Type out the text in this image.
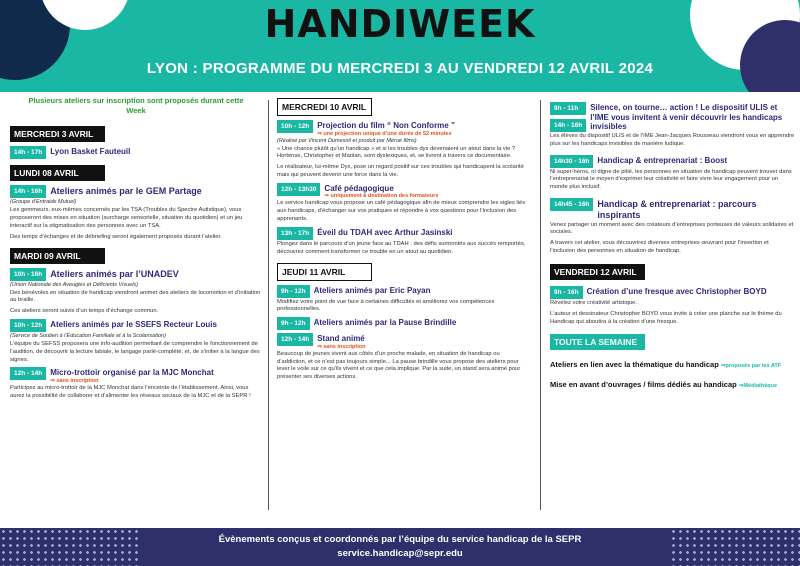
HANDIWEEK
LYON : PROGRAMME DU MERCREDI 3 AU VENDREDI 12 AVRIL 2024
Plusieurs ateliers sur inscription sont proposés durant cette Week
MERCREDI 3 AVRIL
14h - 17h	Lyon Basket Fauteuil
LUNDI 08 AVRIL
14h - 16h Ateliers animés par le GEM Partage
(Groupe d’Entraide Mutuel)
Les gemmeurs, eux-mêmes concernés par les TSA (Troubles du Spectre Autistique), vous proposeront des mises en situation (surcharge sensorielle, situation du quotidien) et un jeu interactif sur la stigmatisation des personnes avec un TSA.
Des temps d’échanges et de débriefing seront également proposés durant l’atelier.
MARDI 09 AVRIL
10h - 16h Ateliers animés par l’UNADEV
(Union Nationale des Aveugles et Déficients Visuels)
Des bénévoles en situation de handicap viendront animer des ateliers de locomotion et d’initiation au braille.
Ces ateliers seront suivis d’un temps d’échange commun.
10h - 12h	Ateliers animés par le SSEFS Recteur Louis
(Service de Soutien à l’Éducation Familiale et à la Scolarisation)
L’équipe du SEFSS proposera une info-audition permettant de comprendre le fonctionnement de l’audition, de découvrir la lecture labiale, le langage parlé-complété, et, de s’initier à la langue des signes.
12h - 14h	Micro-trottoir organisé par la MJC Monchat
⇒ sans inscription
Participez au micro-trottoir de la MJC Monchat dans l’enceinte de l’établissement. Ainsi, vous aurez la possibilité de collaborer et d’alimenter les réseaux sociaux de la MJC et de la SEPR !
MERCREDI 10 AVRIL
10h - 12h	Projection du film “ Non Conforme ”
⇒ une projection unique d’une durée de 52 minutes
(Réalisé par Vincent Dumesnil et produit par Méroé films)
« Une chance plutôt qu’un handicap » et si les troubles dys devenaient un atout dans la vie ? Hortense, Christopher et Maolan, sont dyslexiques, et, se livrent à travers ce documentaire.
Le réalisateur, lui-même Dys, pose un regard positif sur ces troubles qui handicapent la scolarité mais qui peuvent devenir une force dans la vie.
12h - 13h30	Café pédagogique
⇒ uniquement à destination des formateurs
Le service handicap vous propose un café pédagogique afin de mieux comprendre les sigles liés aux handicaps, d’échanger sur vos pratiques et répondre à vos questions pour l’inclusion des apprenants.
13h - 17h	Éveil du TDAH avec Arthur Jasinski
Plongez dans le parcours d’un jeune face au TDAH : des défis surmontés aux succès remportés, découvrez comment transformer ce trouble en un atout au quotidien.
JEUDI 11 AVRIL
9h - 12h	Ateliers animés par Eric Payan
Modifiez votre point de vue face à certaines difficultés et améliorez vos compétences professionnelles.
9h - 12h	Ateliers animés par la Pause Brindille
12h - 14h	Stand animé
⇒ sans inscription
Beaucoup de jeunes vivent aux côtés d’un proche malade, en situation de handicap ou d’addiction, et ce n’est pas toujours simple... La pause brindille vous propose des ateliers pour lever le voile sur ce qu’ils vivent et ce que cela implique. Par la suite, un stand sera animé pour présenter ses diverses actions.
9h - 11h
14h - 16h
Silence, on tourne… action ! Le dispositif ULIS et l’IME vous invitent à venir découvrir les handicaps invisibles
Les élèves du dispositif ULIS et de l’IME Jean-Jacques Rousseau viendront vous en apprendre plus sur les handicaps invisibles de manière ludique.
14h30 - 16h	Handicap & entreprenariat : Boost
Ni super-héros, ni digne de pitié, les personnes en situation de handicap peuvent trouver dans l’entreprenariat le moyen d’exprimer leur créativité et faire vivre leur engagement pour un monde plus inclusif.
14h45 - 16h Handicap & entreprenariat : parcours inspirants
Venez partager un moment avec des créateurs d’entreprises porteuses de valeurs solidaires et sociales.
A travers cet atelier, vous découvrirez diverses entreprises œuvrant pour l’insertion et l’inclusion des personnes en situation de handicap.
VENDREDI 12 AVRIL
9h - 16h	Création d’une fresque avec Christopher BOYD
Révélez votre créativité artistique.
L’auteur et dessinateur Christopher BOYD vous invite à créer une planche sur le thème du Handicap qui aboutira à la création d’une fresque.
TOUTE LA SEMAINE
Ateliers en lien avec la thématique du handicap ⇒proposés par les ATF
Mise en avant d’ouvrages / films dédiés au handicap ⇒Médiathèque
Évènements conçus et coordonnés par l’équipe du service handicap de la SEPR
service.handicap@sepr.edu
